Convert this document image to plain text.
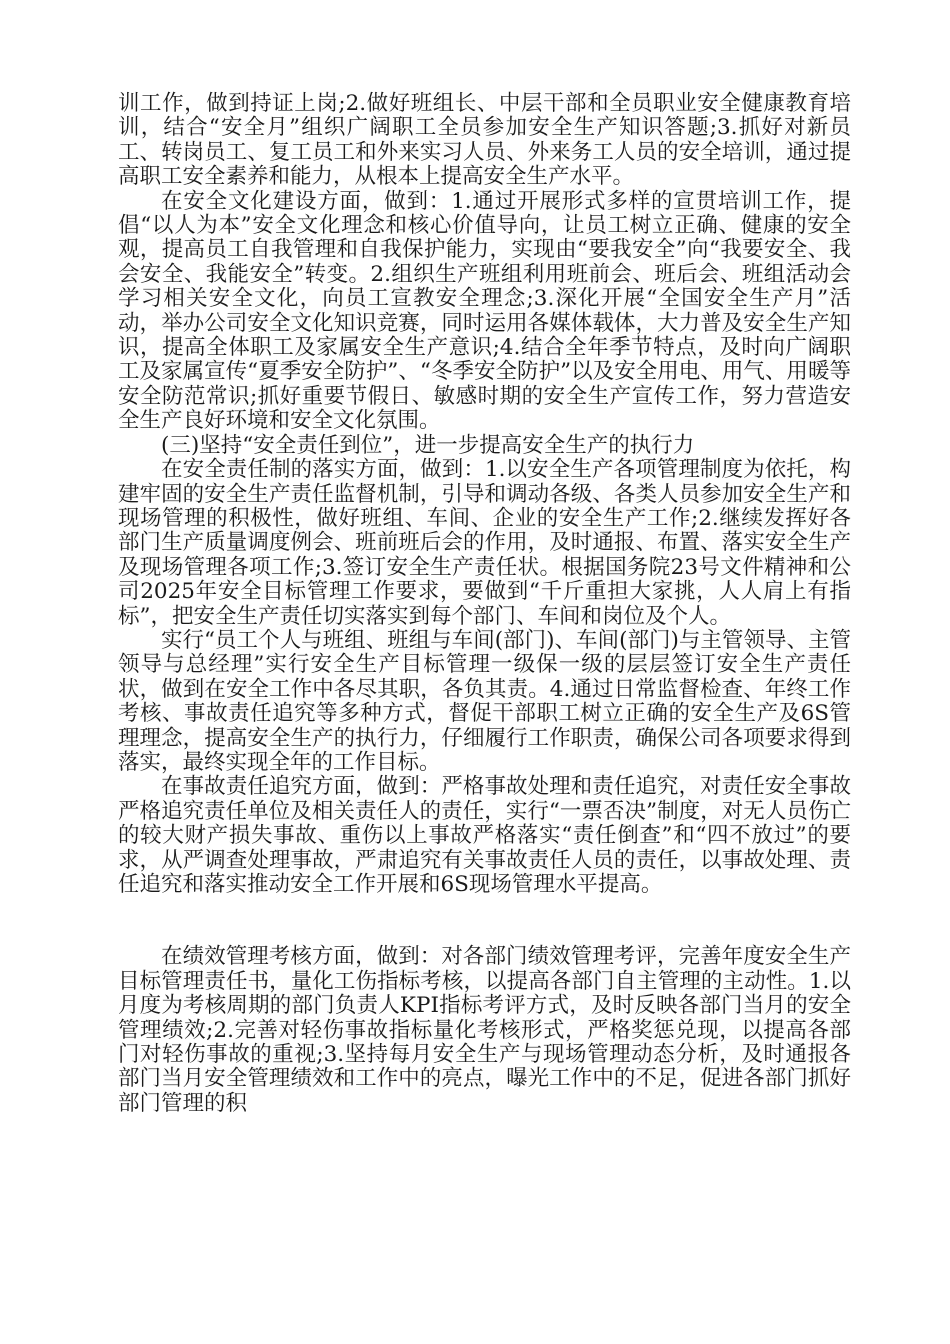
训工作，做到持证上岗;2.做好班组长、中层干部和全员职业安全健康教育培训，结合“安全月”组织广阔职工全员参加安全生产知识答题;3.抓好对新员工、转岗员工、复工员工和外来实习人员、外来务工人员的安全培训，通过提高职工安全素养和能力，从根本上提高安全生产水平。

在安全文化建设方面，做到：1.通过开展形式多样的宣贯培训工作，提倡“以人为本”安全文化理念和核心价值导向，让员工树立正确、健康的安全观，提高员工自我管理和自我保护能力，实现由“要我安全”向“我要安全、我会安全、我能安全”转变。2.组织生产班组利用班前会、班后会、班组活动会学习相关安全文化，向员工宣教安全理念;3.深化开展“全国安全生产月”活动，举办公司安全文化知识竞赛，同时运用各媒体载体，大力普及安全生产知识，提高全体职工及家属安全生产意识;4.结合全年季节特点，及时向广阔职工及家属宣传“夏季安全防护”、“冬季安全防护”以及安全用电、用气、用暖等安全防范常识;抓好重要节假日、敏感时期的安全生产宣传工作，努力营造安全生产良好环境和安全文化氛围。

(三)坚持“安全责任到位”，进一步提高安全生产的执行力

在安全责任制的落实方面，做到：1.以安全生产各项管理制度为依托，构建牢固的安全生产责任监督机制，引导和调动各级、各类人员参加安全生产和现场管理的积极性，做好班组、车间、企业的安全生产工作;2.继续发挥好各部门生产质量调度例会、班前班后会的作用，及时通报、布置、落实安全生产及现场管理各项工作;3.签订安全生产责任状。根据国务院23号文件精神和公司2025年安全目标管理工作要求，要做到“千斤重担大家挑，人人肩上有指标”，把安全生产责任切实落实到每个部门、车间和岗位及个人。

实行“员工个人与班组、班组与车间(部门)、车间(部门)与主管领导、主管领导与总经理”实行安全生产目标管理一级保一级的层层签订安全生产责任状，做到在安全工作中各尽其职，各负其责。4.通过日常监督检查、年终工作考核、事故责任追究等多种方式，督促干部职工树立正确的安全生产及6S管理理念，提高安全生产的执行力，仔细履行工作职责，确保公司各项要求得到落实，最终实现全年的工作目标。

在事故责任追究方面，做到：严格事故处理和责任追究，对责任安全事故严格追究责任单位及相关责任人的责任，实行“一票否决”制度，对无人员伤亡的较大财产损失事故、重伤以上事故严格落实“责任倒查”和“四不放过”的要求，从严调查处理事故，严肃追究有关事故责任人员的责任，以事故处理、责任追究和落实推动安全工作开展和6S现场管理水平提高。

在绩效管理考核方面，做到：对各部门绩效管理考评，完善年度安全生产目标管理责任书，量化工伤指标考核，以提高各部门自主管理的主动性。1.以月度为考核周期的部门负责人KPI指标考评方式，及时反映各部门当月的安全管理绩效;2.完善对轻伤事故指标量化考核形式，严格奖惩兑现，以提高各部门对轻伤事故的重视;3.坚持每月安全生产与现场管理动态分析，及时通报各部门当月安全管理绩效和工作中的亮点，曝光工作中的不足，促进各部门抓好部门管理的积
